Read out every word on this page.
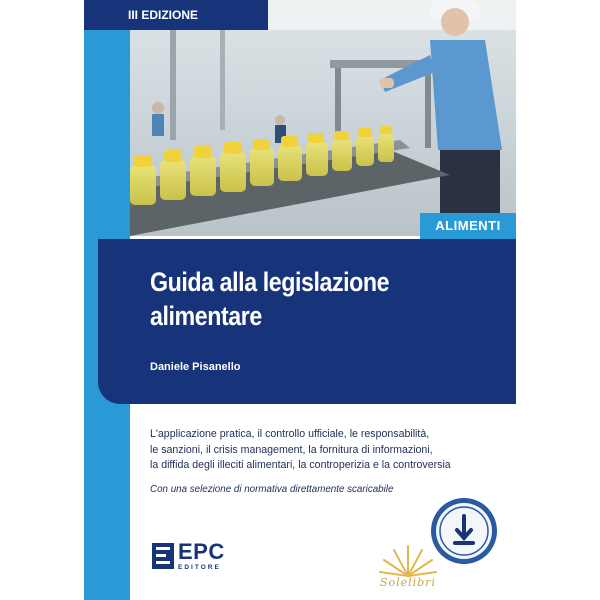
III EDIZIONE
ALIMENTI
Guida alla legislazione
alimentare
Daniele Pisanello
L'applicazione pratica, il controllo ufficiale, le responsabilità,
le sanzioni, il crisis management, la fornitura di informazioni,
la diffida degli illeciti alimentari, la controperizia e la controversia
Con una selezione di normativa direttamente scaricabile
EPC
EDITORE
Solelibri
